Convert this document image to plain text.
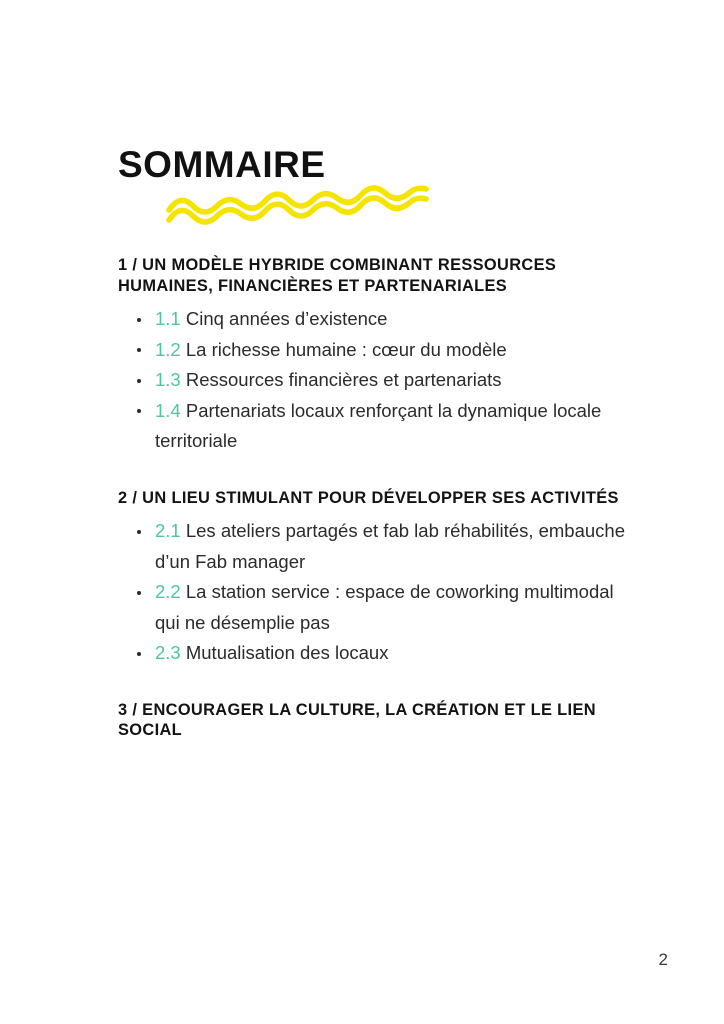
SOMMAIRE
1 / UN MODÈLE HYBRIDE COMBINANT RESSOURCES HUMAINES, FINANCIÈRES ET PARTENARIALES
1.1 Cinq années d’existence
1.2 La richesse humaine : cœur du modèle
1.3 Ressources financières et partenariats
1.4 Partenariats locaux renforçant la dynamique locale territoriale
2 / UN LIEU STIMULANT POUR DÉVELOPPER SES ACTIVITÉS
2.1 Les ateliers partagés et fab lab réhabilités, embauche d’un Fab manager
2.2 La station service : espace de coworking multimodal qui ne désemplie pas
2.3 Mutualisation des locaux
3 / ENCOURAGER LA CULTURE, LA CRÉATION ET LE LIEN SOCIAL
2
